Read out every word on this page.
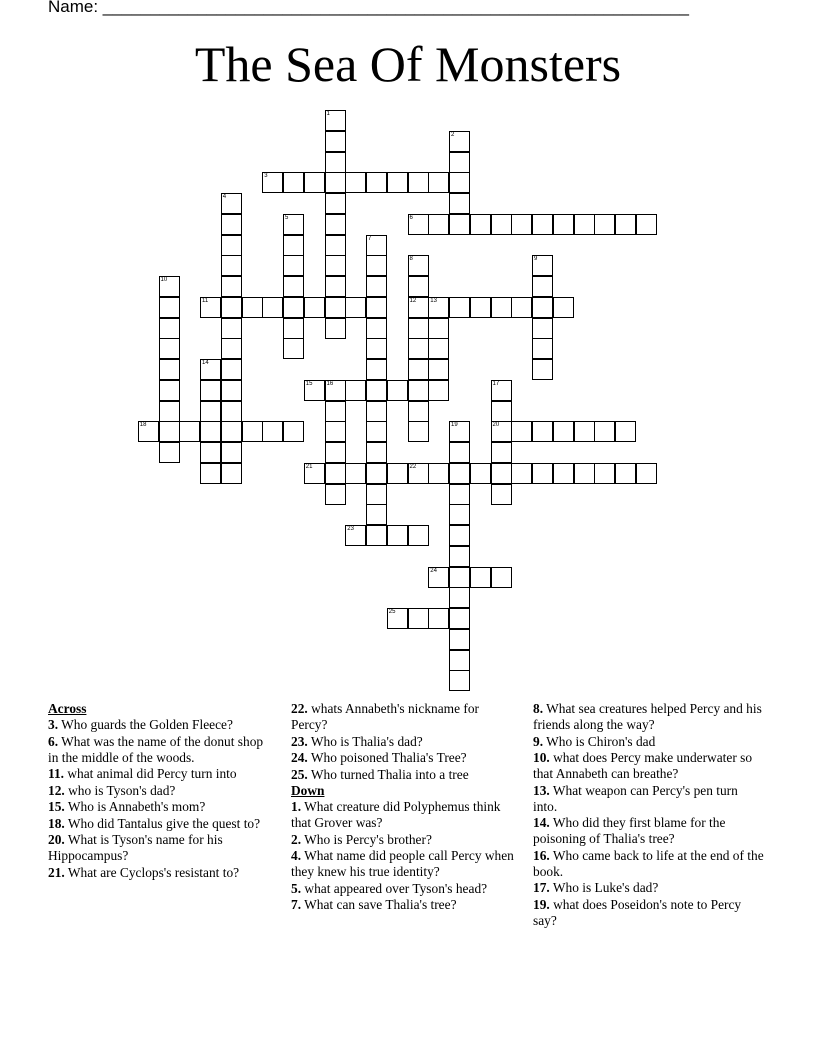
Name: ______________________________________________________________
The Sea Of Monsters
1
2
3
4
5	6
7
8
12
9
10
11	13
14
15 16	17
20
18	19
21	22
23
24
25
Across
3. Who guards the Golden Fleece?
6. What was the name of the donut shop in the middle of the woods.
11. what animal did Percy turn into
12. who is Tyson's dad?
15. Who is Annabeth's mom?
18. Who did Tantalus give the quest to?
20. What is Tyson's name for his Hippocampus?
21. What are Cyclops's resistant to?
22. whats Annabeth's nickname for Percy?
23. Who is Thalia's dad?
24. Who poisoned Thalia's Tree?
25. Who turned Thalia into a tree
Down
1. What creature did Polyphemus think that Grover was?
2. Who is Percy's brother?
4. What name did people call Percy when they knew his true identity?
5. what appeared over Tyson's head?
7. What can save Thalia's tree?
8. What sea creatures helped Percy and his friends along the way?
9. Who is Chiron's dad
10. what does Percy make underwater so that Annabeth can breathe?
13. What weapon can Percy's pen turn into.
14. Who did they first blame for the poisoning of Thalia's tree?
16. Who came back to life at the end of the book.
17. Who is Luke's dad?
19. what does Poseidon's note to Percy say?
